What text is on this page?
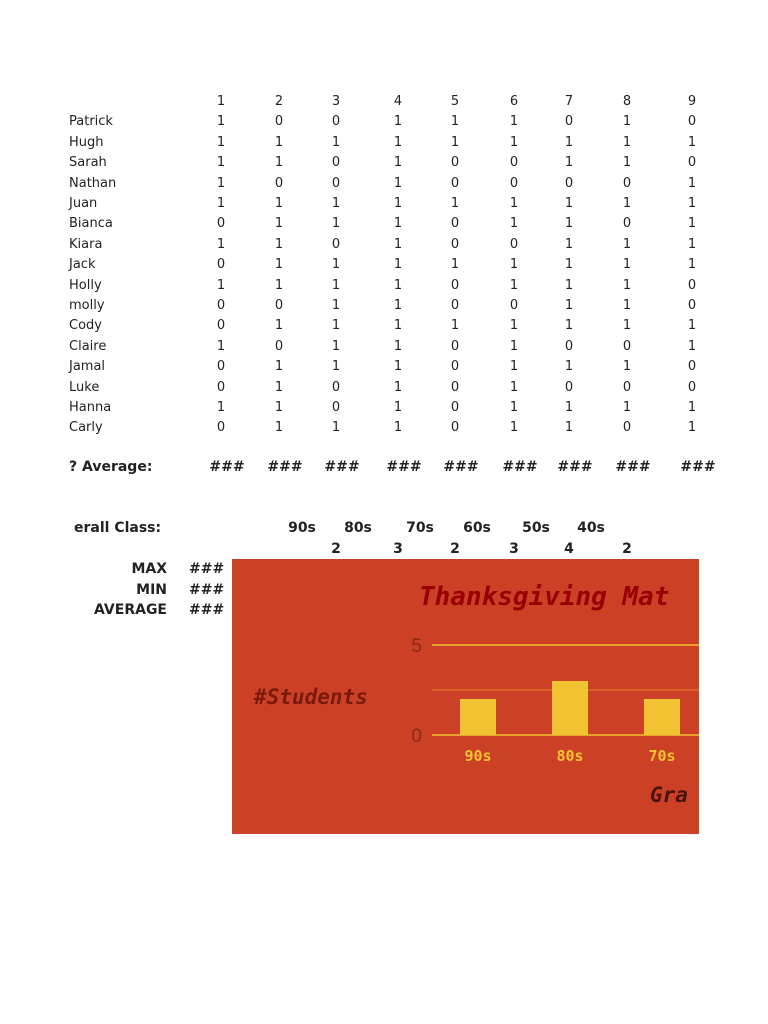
1	2	3	4	5	6	7	8	9
Patrick	1	0	0	1	1	1	0	1	0
Hugh	1	1	1	1	1	1	1	1	1
Sarah	1	1	0	1	0	0	1	1	0
Nathan	1	0	0	1	0	0	0	0	1
Juan	1	1	1	1	1	1	1	1	1
Bianca	0	1	1	1	0	1	1	0	1
Kiara	1	1	0	1	0	0	1	1	1
Jack	0	1	1	1	1	1	1	1	1
Holly	1	1	1	1	0	1	1	1	0
molly	0	0	1	1	0	0	1	1	0
Cody	0	1	1	1	1	1	1	1	1
Claire	1	0	1	1	0	1	0	0	1
Jamal	0	1	1	1	0	1	1	1	0
Luke	0	1	0	1	0	1	0	0	0
Hanna	1	1	0	1	0	1	1	1	1
Carly	0	1	1	1	0	1	1	0	1
? Average:	### ### ### ### ### ### ### ### ###
erall Class:	90s	80s	70s	60s	50s	40s
2	3	2	3	4	2
MAX ###
MIN ###
AVERAGE ###
0
5
90s	80s	70s
Thanksgiving Mat
#Students
Gra
